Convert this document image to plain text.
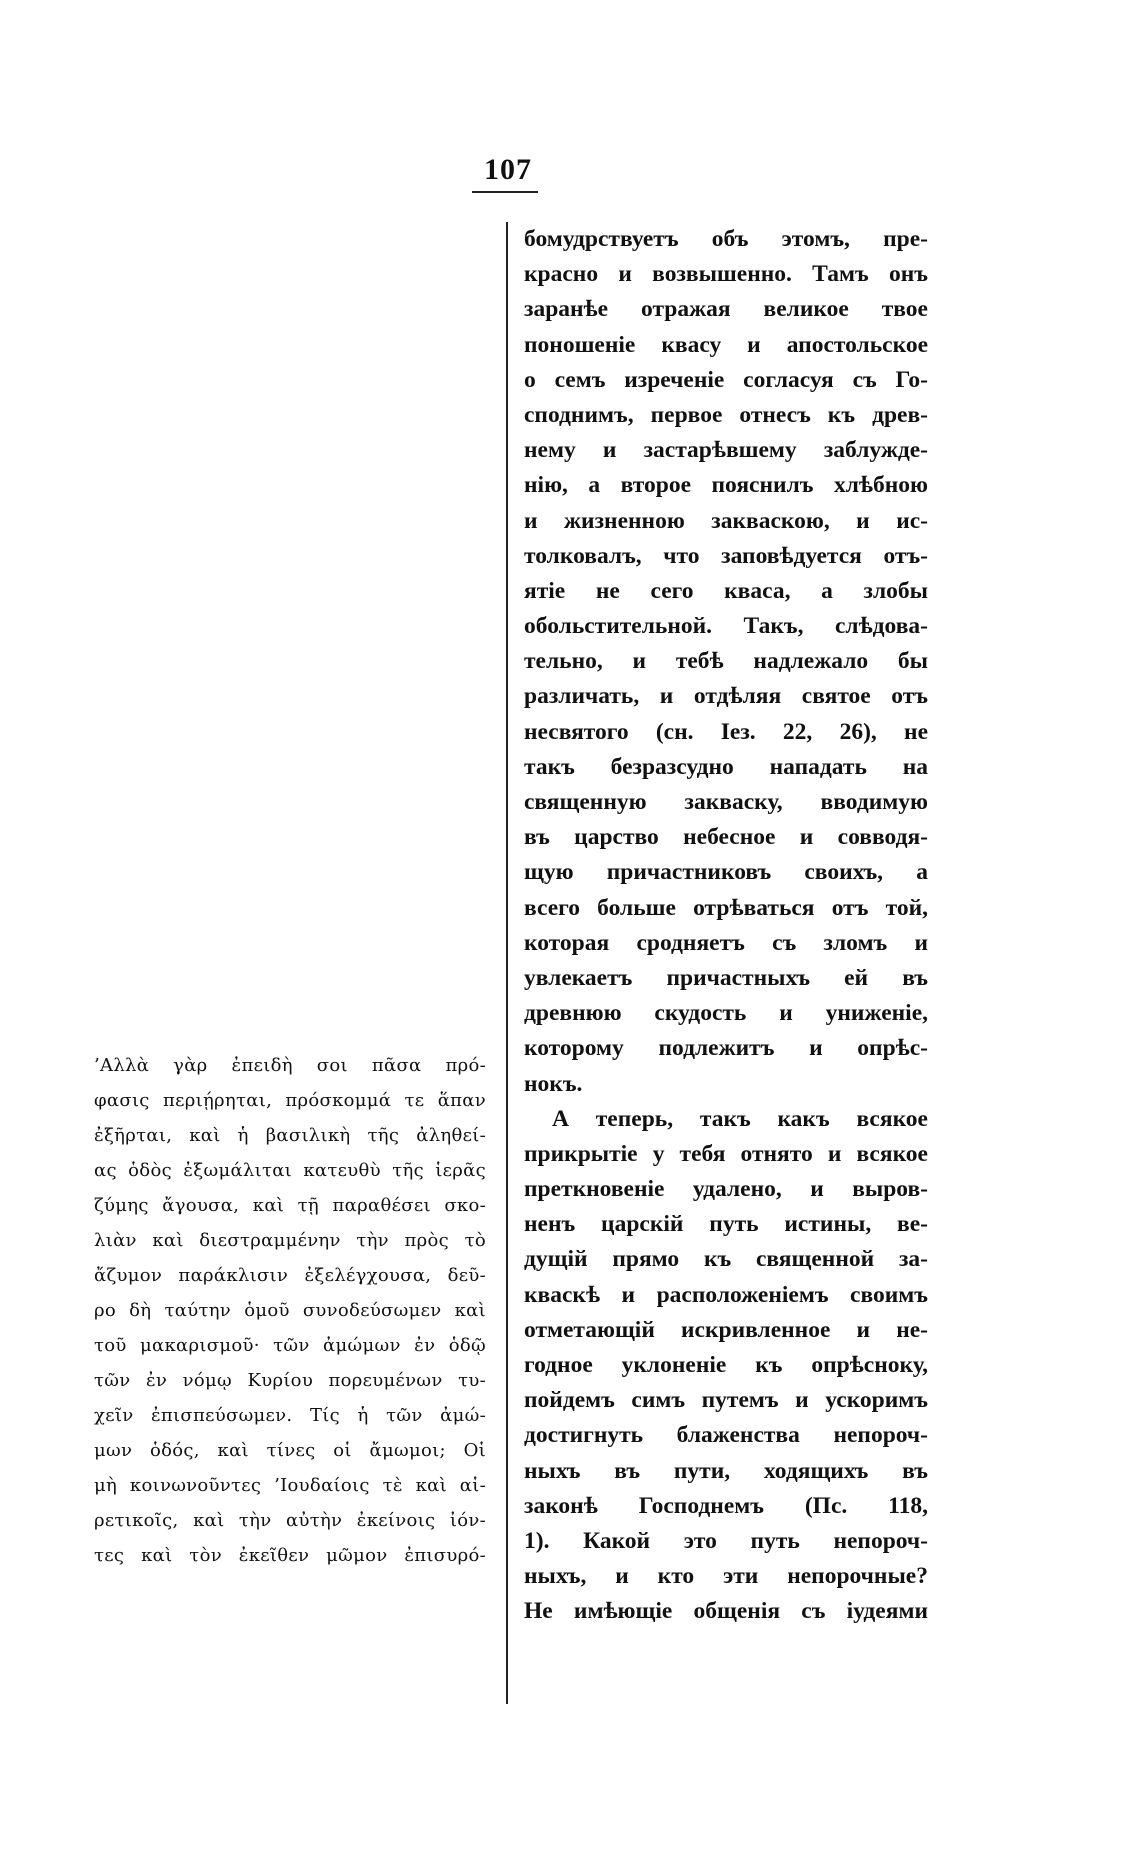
107
’Αλλὰ γὰρ ἐπειδὴ σοι πᾶσα πρό-
φασις περιῄρηται, πρόσκομμά τε ἅπαν
ἐξῆρται, καὶ ἡ βασιλικὴ τῆς ἀληθεί-
ας ὁδὸς ἐξωμάλιται κατευθὺ τῆς ἱερᾶς
ζύμης ἄγουσα, καὶ τῇ παραθέσει σκο-
λιὰν καὶ διεστραμμένην τὴν πρὸς τὸ
ἄζυμον παράκλισιν ἐξελέγχουσα, δεῦ-
ρο δὴ ταύτην ὁμοῦ συνοδεύσωμεν καὶ
τοῦ μακαρισμοῦ· τῶν ἀμώμων ἐν ὁδῷ
τῶν ἐν νόμῳ Κυρίου πορευμένων τυ-
χεῖν ἐπισπεύσωμεν. Τίς ἡ τῶν ἀμώ-
μων ὁδός, καὶ τίνες οἱ ἄμωμοι; Οἱ
μὴ κοινωνοῦντες ’Ιουδαίοις τὲ καὶ αἱ-
ρετικοῖς, καὶ τὴν αὐτὴν ἐκείνοις ἰόν-
τες καὶ τὸν ἐκεῖθεν μῶμον ἐπισυρό-
бомудрствуетъ объ этомъ, пре-
красно и возвышенно. Тамъ онъ
заранѣе отражая великое твое
поношеніе квасу и апостольское
о семъ изреченіе согласуя съ Го-
споднимъ, первое отнесъ къ древ-
нему и застарѣвшему заблужде-
нію, а второе пояснилъ хлѣбною
и жизненною закваскою, и ис-
толковалъ, что заповѣдуется отъ-
ятіе не сего кваса, а злобы
обольстительной. Такъ, слѣдова-
тельно, и тебѣ надлежало бы
различать, и отдѣляя святое отъ
несвятого (сн. Іез. 22, 26), не
такъ безразсудно нападать на
священную закваску, вводимую
въ царство небесное и совводя-
щую причастниковъ своихъ, а
всего больше отрѣваться отъ той,
которая сродняетъ съ зломъ и
увлекаетъ причастныхъ ей въ
древнюю скудость и униженіе,
которому подлежитъ и опрѣс-
нокъ.
А теперь, такъ какъ всякое
прикрытіе у тебя отнято и всякое
преткновеніе удалено, и выров-
ненъ царскій путь истины, ве-
дущій прямо къ священной за-
кваскѣ и расположеніемъ своимъ
отметающій искривленное и не-
годное уклоненіе къ опрѣсноку,
пойдемъ симъ путемъ и ускоримъ
достигнуть блаженства непороч-
ныхъ въ пути, ходящихъ въ
законѣ Господнемъ (Пс. 118,
1). Какой это путь непороч-
ныхъ, и кто эти непорочные?
Не имѣющіе общенія съ іудеями
